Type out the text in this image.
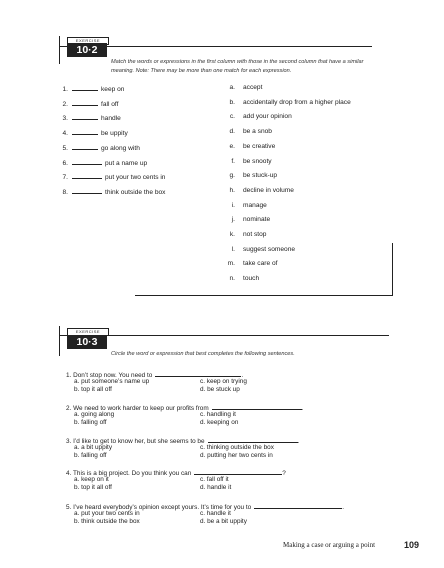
EXERCISE
10·2
Match the words or expressions in the first column with those in the second column that have a similar meaning. Note: There may be more than one match for each expression.
1.	keep on
2.	fall off
3.	handle
4.	be uppity
5.	go along with
6.	put a name up
7.	put your two cents in
8.	think outside the box
a. accept
b. accidentally drop from a higher place
c. add your opinion
d. be a snob
e. be creative
f. be snooty
g. be stuck-up
h. decline in volume
i. manage
j. nominate
k. not stop
l. suggest someone
m. take care of
n. touch
EXERCISE
10·3
Circle the word or expression that best completes the following sentences.
1. Don’t stop now. You need to	.
a. put someone’s name up
b. top it all off
c. keep on trying
d. be stuck up
2. We need to work harder to keep our profits from	.
a. going along
b. falling off
c. handling it
d. keeping on
3. I’d like to get to know her, but she seems to be	.
a. a bit uppity
b. falling off
c. thinking outside the box
d. putting her two cents in
4. This is a big project. Do you think you can	?
a. keep on it
b. top it all off
c. fall off it
d. handle it
5. I’ve heard everybody’s opinion except yours. It’s time for you to	.
a. put your two cents in
b. think outside the box
c. handle it
d. be a bit uppity
Making a case or arguing a point	109
